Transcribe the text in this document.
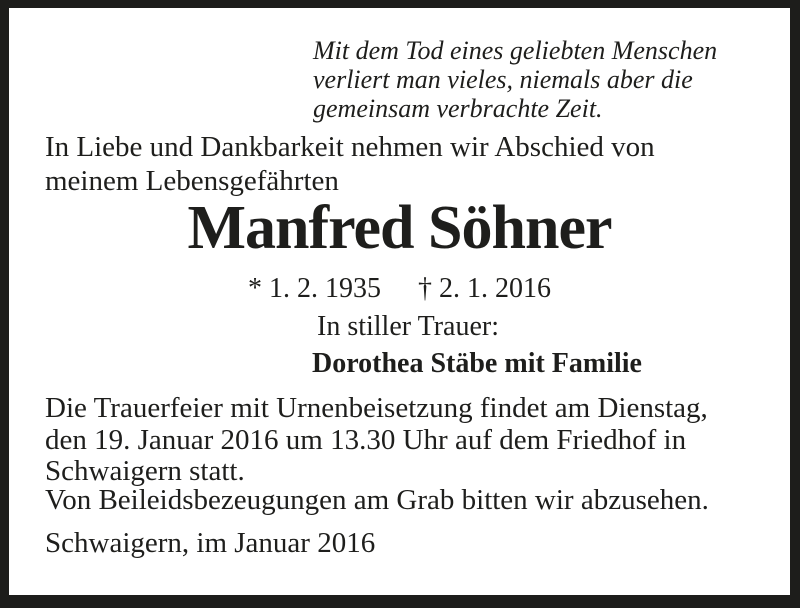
Mit dem Tod eines geliebten Menschen
verliert man vieles, niemals aber die
gemeinsam verbrachte Zeit.
In Liebe und Dankbarkeit nehmen wir Abschied von
meinem Lebensgefährten
Manfred Söhner
* 1. 2. 1935 † 2. 1. 2016
In stiller Trauer:
Dorothea Stäbe mit Familie
Die Trauerfeier mit Urnenbeisetzung findet am Dienstag,
den 19. Januar 2016 um 13.30 Uhr auf dem Friedhof in
Schwaigern statt.
Von Beileidsbezeugungen am Grab bitten wir abzusehen.
Schwaigern, im Januar 2016
